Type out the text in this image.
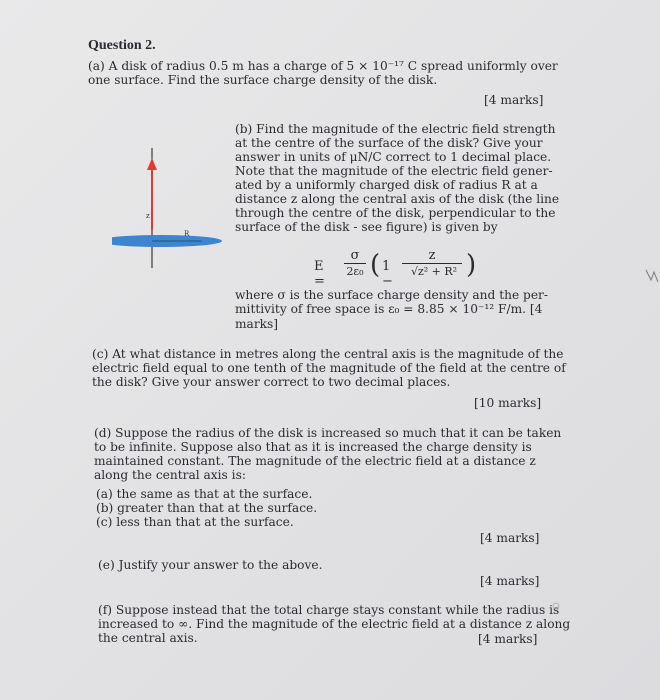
Question 2.
(a) A disk of radius 0.5 m has a charge of 5 × 10⁻¹⁷ C spread uniformly over
one surface. Find the surface charge density of the disk.
[4 marks]
z
R
(b) Find the magnitude of the electric field strength
at the centre of the surface of the disk? Give your
answer in units of μN/C correct to 1 decimal place.
Note that the magnitude of the electric field gener-
ated by a uniformly charged disk of radius R at a
distance z along the central axis of the disk (the line
through the centre of the disk, perpendicular to the
surface of the disk - see figure) is given by
E =
σ
2ε₀ ( 1 −
z
√z² + R² )
where σ is the surface charge density and the per-
mittivity of free space is ε₀ = 8.85 × 10⁻¹² F/m. [4
marks]
(c) At what distance in metres along the central axis is the magnitude of the
electric field equal to one tenth of the magnitude of the field at the centre of
the disk? Give your answer correct to two decimal places.
[10 marks]
(d) Suppose the radius of the disk is increased so much that it can be taken
to be infinite. Suppose also that as it is increased the charge density is
maintained constant. The magnitude of the electric field at a distance z
along the central axis is:
(a) the same as that at the surface.
(b) greater than that at the surface.
(c) less than that at the surface.
[4 marks]
(e) Justify your answer to the above.
[4 marks]
(f) Suppose instead that the total charge stays constant while the radius is
increased to ∞. Find the magnitude of the electric field at a distance z along
the central axis.	[4 marks]
